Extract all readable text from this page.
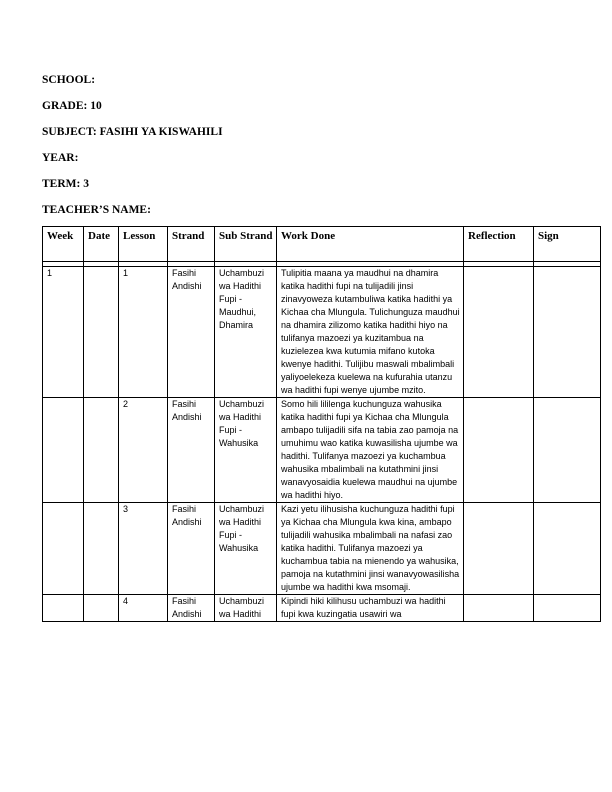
SCHOOL:
GRADE: 10
SUBJECT: FASIHI YA KISWAHILI
YEAR:
TERM: 3
TEACHER’S NAME:
Week	Date	Lesson	Strand	Sub Strand	Work Done	Reflection	Sign

1		1	Fasihi Andishi	Uchambuzi wa Hadithi Fupi - Maudhui, Dhamira	Tulipitia maana ya maudhui na dhamira katika hadithi fupi na tulijadili jinsi zinavyoweza kutambuliwa katika hadithi ya Kichaa cha Mlungula. Tulichunguza maudhui na dhamira zilizomo katika hadithi hiyo na tulifanya mazoezi ya kuzitambua na kuzielezea kwa kutumia mifano kutoka kwenye hadithi. Tulijibu maswali mbalimbali yaliyoelekeza kuelewa na kufurahia utanzu wa hadithi fupi wenye ujumbe mzito.		
		2	Fasihi Andishi	Uchambuzi wa Hadithi Fupi - Wahusika	Somo hili lililenga kuchunguza wahusika katika hadithi fupi ya Kichaa cha Mlungula ambapo tulijadili sifa na tabia zao pamoja na umuhimu wao katika kuwasilisha ujumbe wa hadithi. Tulifanya mazoezi ya kuchambua wahusika mbalimbali na kutathmini jinsi wanavyosaidia kuelewa maudhui na ujumbe wa hadithi hiyo.		
		3	Fasihi Andishi	Uchambuzi wa Hadithi Fupi - Wahusika	Kazi yetu ilihusisha kuchunguza hadithi fupi ya Kichaa cha Mlungula kwa kina, ambapo tulijadili wahusika mbalimbali na nafasi zao katika hadithi. Tulifanya mazoezi ya kuchambua tabia na mienendo ya wahusika, pamoja na kutathmini jinsi wanavyowasilisha ujumbe wa hadithi kwa msomaji.		
		4	Fasihi Andishi	Uchambuzi wa Hadithi	Kipindi hiki kilihusu uchambuzi wa hadithi fupi kwa kuzingatia usawiri wa		
